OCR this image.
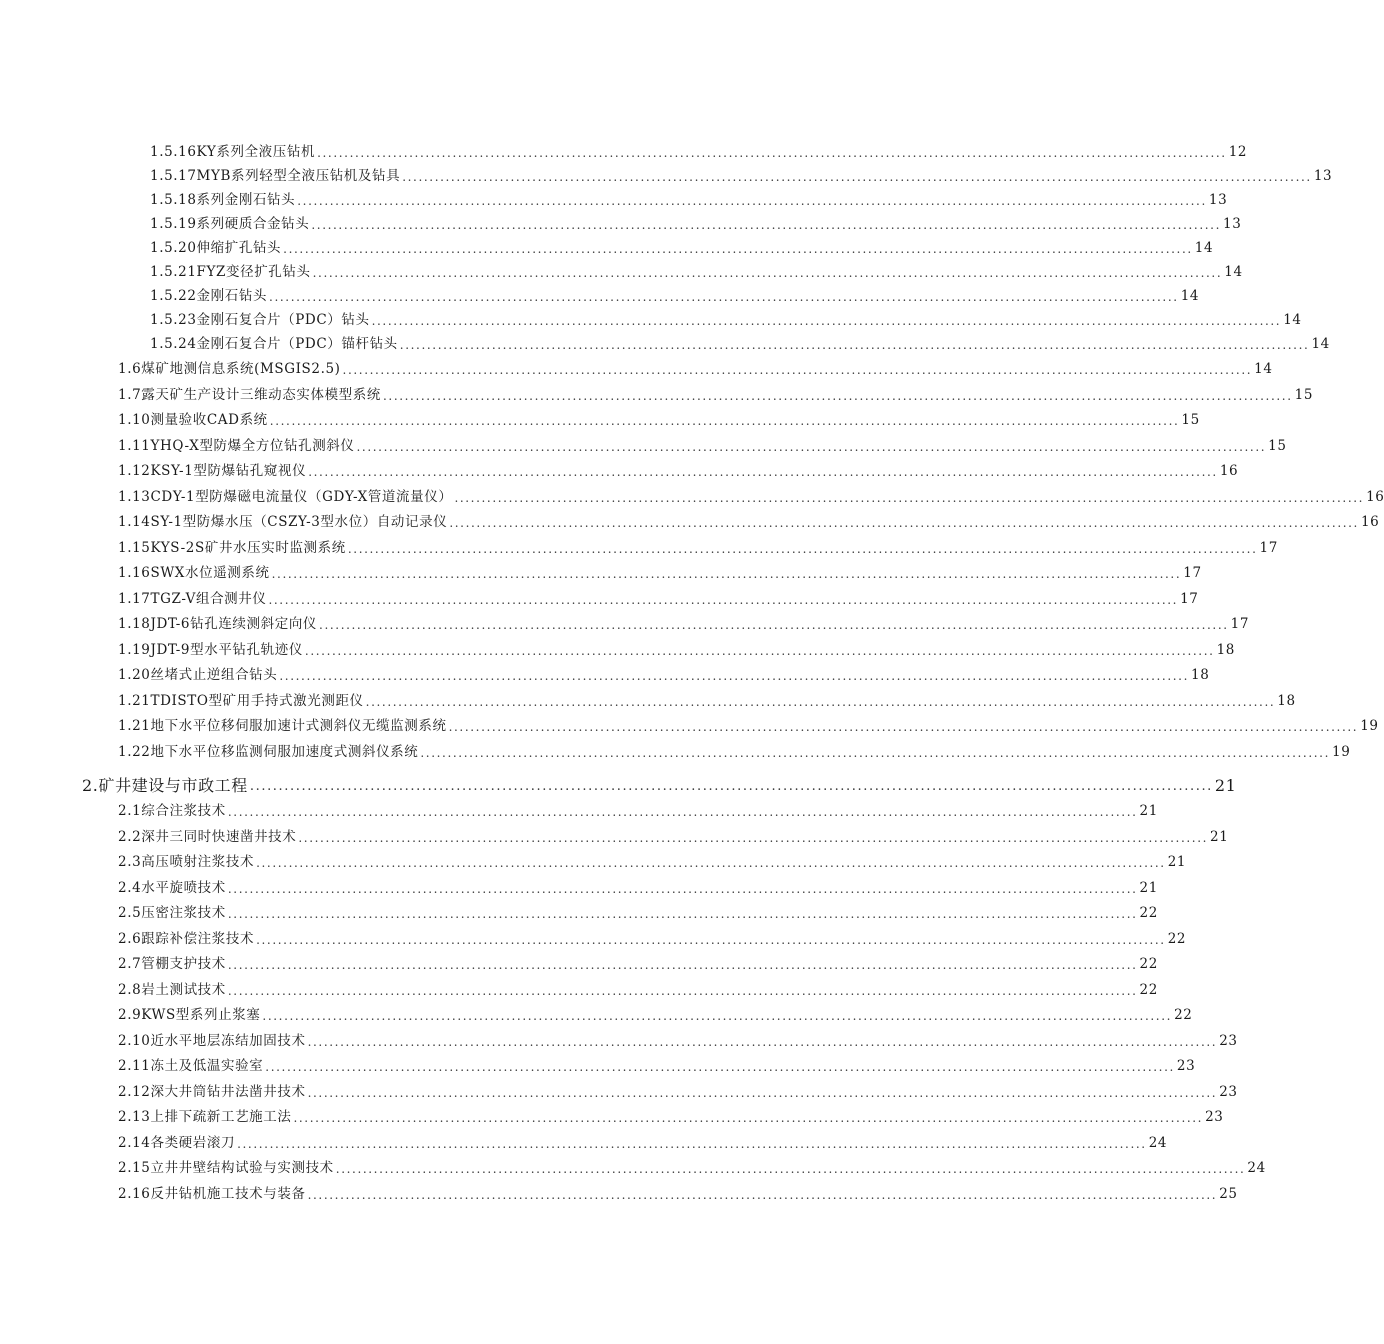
1.5.16 KY系列全液压钻机 ........................................................................................................................................................................ 12
1.5.17 MYB系列轻型全液压钻机及钻具 ........................................................................................................................................................................ 13
1.5.18 系列金刚石钻头 ........................................................................................................................................................................ 13
1.5.19 系列硬质合金钻头 ........................................................................................................................................................................ 13
1.5.20 伸缩扩孔钻头 ........................................................................................................................................................................ 14
1.5.21 FYZ变径扩孔钻头 ........................................................................................................................................................................ 14
1.5.22 金刚石钻头 ........................................................................................................................................................................ 14
1.5.23 金刚石复合片（PDC）钻头 ........................................................................................................................................................................ 14
1.5.24 金刚石复合片（PDC）锚杆钻头 ........................................................................................................................................................................ 14
1.6 煤矿地测信息系统(MSGIS2.5) ........................................................................................................................................................................ 14
1.7 露天矿生产设计三维动态实体模型系统 ........................................................................................................................................................................ 15
1.10 测量验收CAD系统 ........................................................................................................................................................................ 15
1.11 YHQ-X型防爆全方位钻孔测斜仪 ........................................................................................................................................................................ 15
1.12 KSY-1型防爆钻孔窥视仪 ........................................................................................................................................................................ 16
1.13 CDY-1型防爆磁电流量仪（GDY-X管道流量仪） ........................................................................................................................................................................ 16
1.14 SY-1型防爆水压（CSZY-3型水位）自动记录仪 ........................................................................................................................................................................ 16
1.15 KYS-2S矿井水压实时监测系统 ........................................................................................................................................................................ 17
1.16 SWX水位遥测系统 ........................................................................................................................................................................ 17
1.17 TGZ-V组合测井仪 ........................................................................................................................................................................ 17
1.18 JDT-6钻孔连续测斜定向仪 ........................................................................................................................................................................ 17
1.19 JDT-9型水平钻孔轨迹仪 ........................................................................................................................................................................ 18
1.20 丝堵式止逆组合钻头 ........................................................................................................................................................................ 18
1.21 TDISTO型矿用手持式激光测距仪 ........................................................................................................................................................................ 18
1.21 地下水平位移伺服加速计式测斜仪无缆监测系统 ........................................................................................................................................................................ 19
1.22 地下水平位移监测伺服加速度式测斜仪系统 ........................................................................................................................................................................ 19
2. 矿井建设与市政工程 ........................................................................................................................................................................ 21
2.1 综合注浆技术 ........................................................................................................................................................................ 21
2.2 深井三同时快速凿井技术 ........................................................................................................................................................................ 21
2.3 高压喷射注浆技术 ........................................................................................................................................................................ 21
2.4 水平旋喷技术 ........................................................................................................................................................................ 21
2.5 压密注浆技术 ........................................................................................................................................................................ 22
2.6 跟踪补偿注浆技术 ........................................................................................................................................................................ 22
2.7 管棚支护技术 ........................................................................................................................................................................ 22
2.8 岩土测试技术 ........................................................................................................................................................................ 22
2.9 KWS型系列止浆塞 ........................................................................................................................................................................ 22
2.10 近水平地层冻结加固技术 ........................................................................................................................................................................ 23
2.11 冻土及低温实验室 ........................................................................................................................................................................ 23
2.12 深大井筒钻井法凿井技术 ........................................................................................................................................................................ 23
2.13 上排下疏新工艺施工法 ........................................................................................................................................................................ 23
2.14 各类硬岩滚刀 ........................................................................................................................................................................ 24
2.15 立井井壁结构试验与实测技术 ........................................................................................................................................................................ 24
2.16 反井钻机施工技术与装备 ........................................................................................................................................................................ 25
